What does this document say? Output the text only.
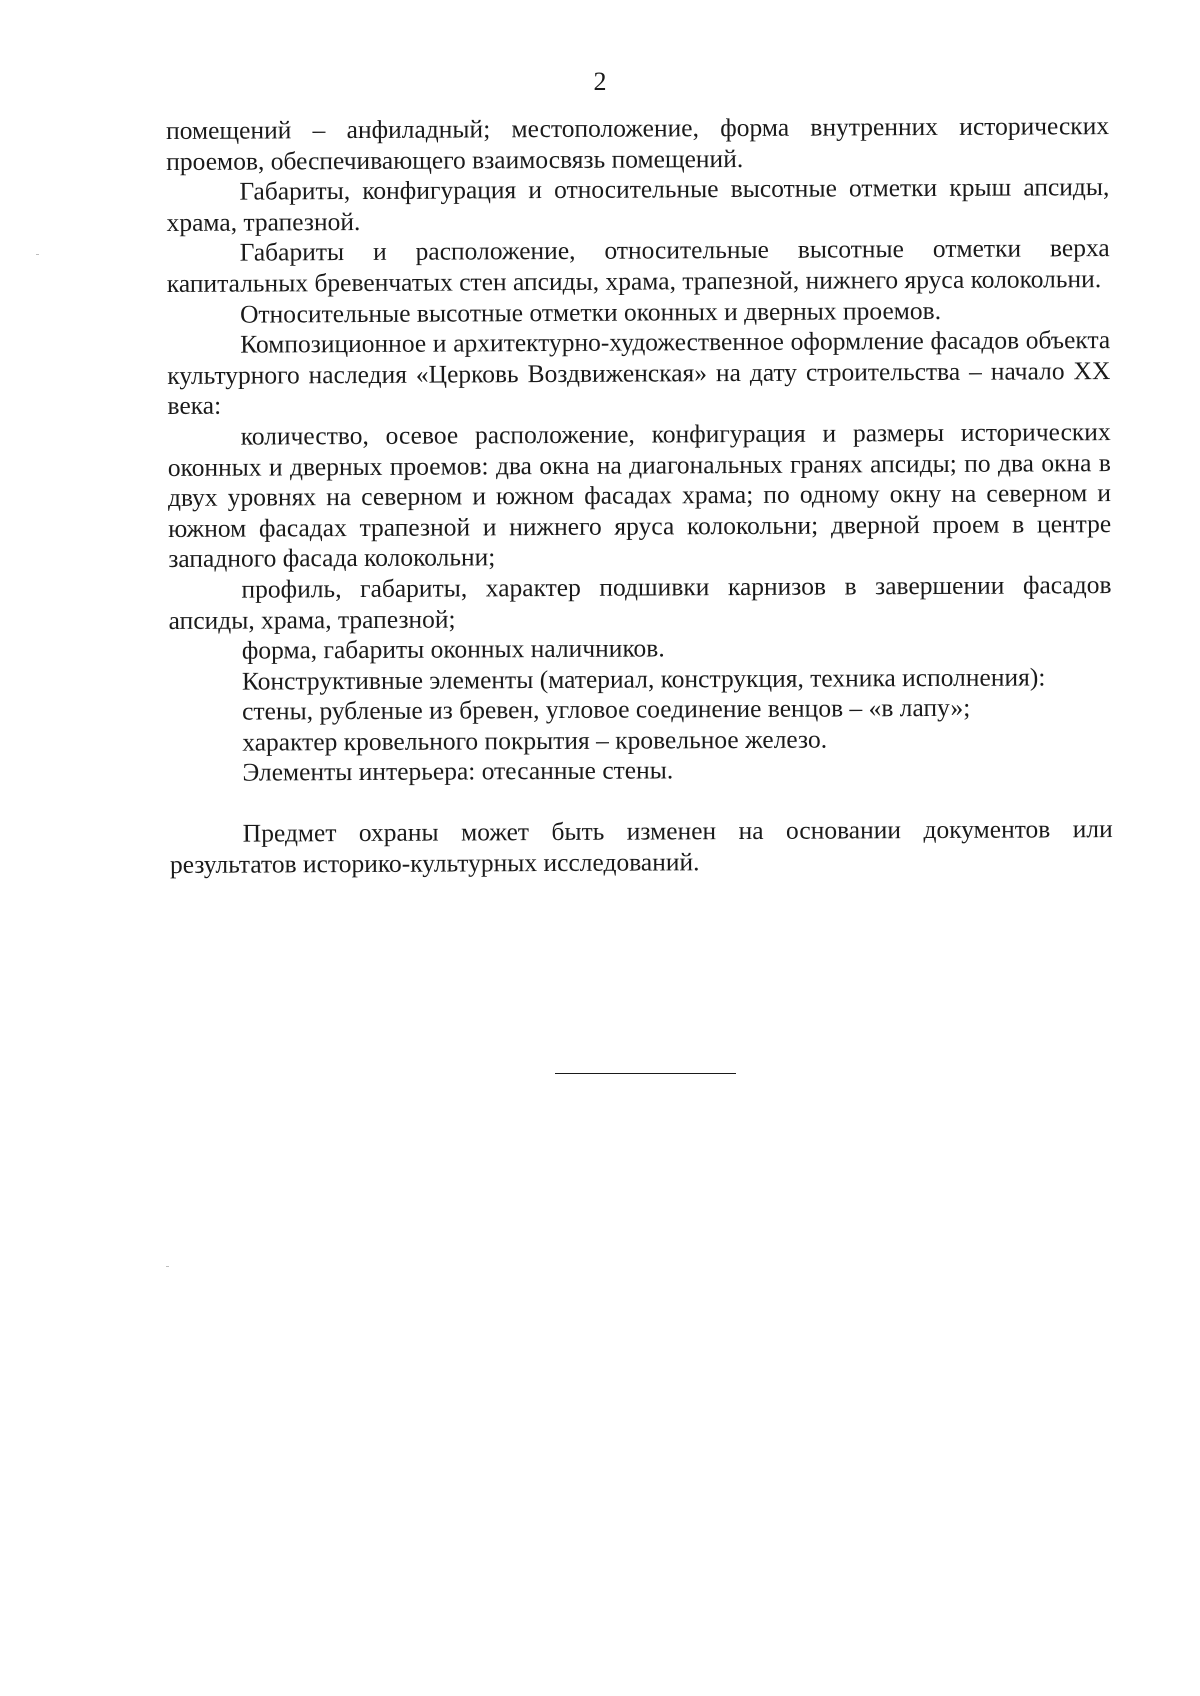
2

помещений – анфиладный; местоположение, форма внутренних исторических проемов, обеспечивающего взаимосвязь помещений.

Габариты, конфигурация и относительные высотные отметки крыш апсиды, храма, трапезной.

Габариты и расположение, относительные высотные отметки верха капитальных бревенчатых стен апсиды, храма, трапезной, нижнего яруса колокольни.

Относительные высотные отметки оконных и дверных проемов.

Композиционное и архитектурно-художественное оформление фасадов объекта культурного наследия «Церковь Воздвиженская» на дату строительства – начало XX века:

количество, осевое расположение, конфигурация и размеры исторических оконных и дверных проемов: два окна на диагональных гранях апсиды; по два окна в двух уровнях на северном и южном фасадах храма; по одному окну на северном и южном фасадах трапезной и нижнего яруса колокольни; дверной проем в центре западного фасада колокольни;

профиль, габариты, характер подшивки карнизов в завершении фасадов апсиды, храма, трапезной;

форма, габариты оконных наличников.

Конструктивные элементы (материал, конструкция, техника исполнения):

стены, рубленые из бревен, угловое соединение венцов – «в лапу»;

характер кровельного покрытия – кровельное железо.

Элементы интерьера: отесанные стены.

Предмет охраны может быть изменен на основании документов или результатов историко-культурных исследований.
